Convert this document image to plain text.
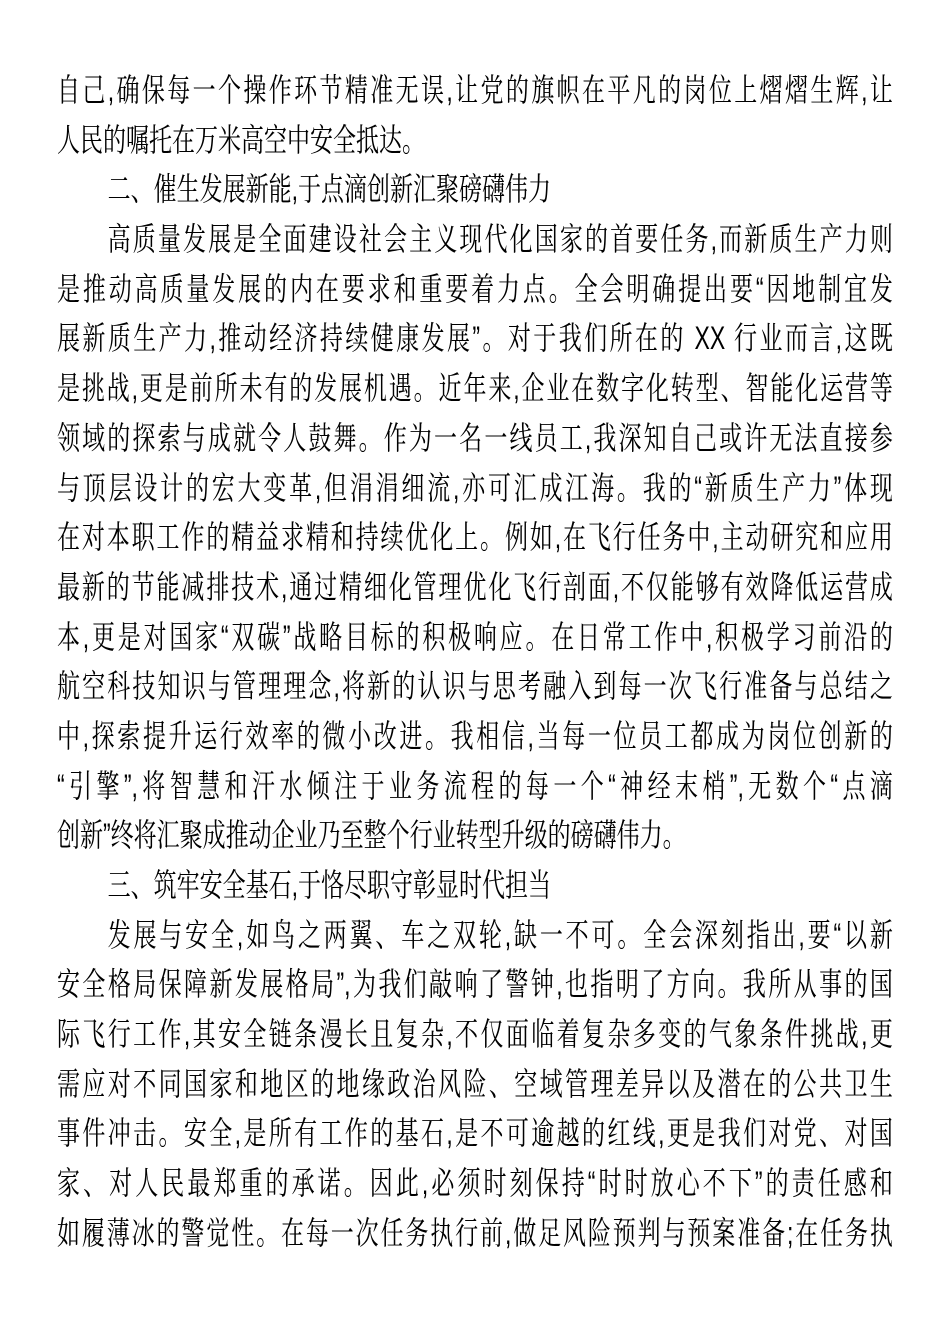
自己,确保每一个操作环节精准无误,让党的旗帜在平凡的岗位上熠熠生辉,让
人民的嘱托在万米高空中安全抵达。
二、催生发展新能,于点滴创新汇聚磅礴伟力
高质量发展是全面建设社会主义现代化国家的首要任务,而新质生产力则
是推动高质量发展的内在要求和重要着力点。全会明确提出要“因地制宜发
展新质生产力,推动经济持续健康发展”。对于我们所在的 XX 行业而言,这既
是挑战,更是前所未有的发展机遇。近年来,企业在数字化转型、智能化运营等
领域的探索与成就令人鼓舞。作为一名一线员工,我深知自己或许无法直接参
与顶层设计的宏大变革,但涓涓细流,亦可汇成江海。我的“新质生产力”体现
在对本职工作的精益求精和持续优化上。例如,在飞行任务中,主动研究和应用
最新的节能减排技术,通过精细化管理优化飞行剖面,不仅能够有效降低运营成
本,更是对国家“双碳”战略目标的积极响应。在日常工作中,积极学习前沿的
航空科技知识与管理理念,将新的认识与思考融入到每一次飞行准备与总结之
中,探索提升运行效率的微小改进。我相信,当每一位员工都成为岗位创新的
“引擎”,将智慧和汗水倾注于业务流程的每一个“神经末梢”,无数个“点滴
创新”终将汇聚成推动企业乃至整个行业转型升级的磅礴伟力。
三、筑牢安全基石,于恪尽职守彰显时代担当
发展与安全,如鸟之两翼、车之双轮,缺一不可。全会深刻指出,要“以新
安全格局保障新发展格局”,为我们敲响了警钟,也指明了方向。我所从事的国
际飞行工作,其安全链条漫长且复杂,不仅面临着复杂多变的气象条件挑战,更
需应对不同国家和地区的地缘政治风险、空域管理差异以及潜在的公共卫生
事件冲击。安全,是所有工作的基石,是不可逾越的红线,更是我们对党、对国
家、对人民最郑重的承诺。因此,必须时刻保持“时时放心不下”的责任感和
如履薄冰的警觉性。在每一次任务执行前,做足风险预判与预案准备;在任务执
